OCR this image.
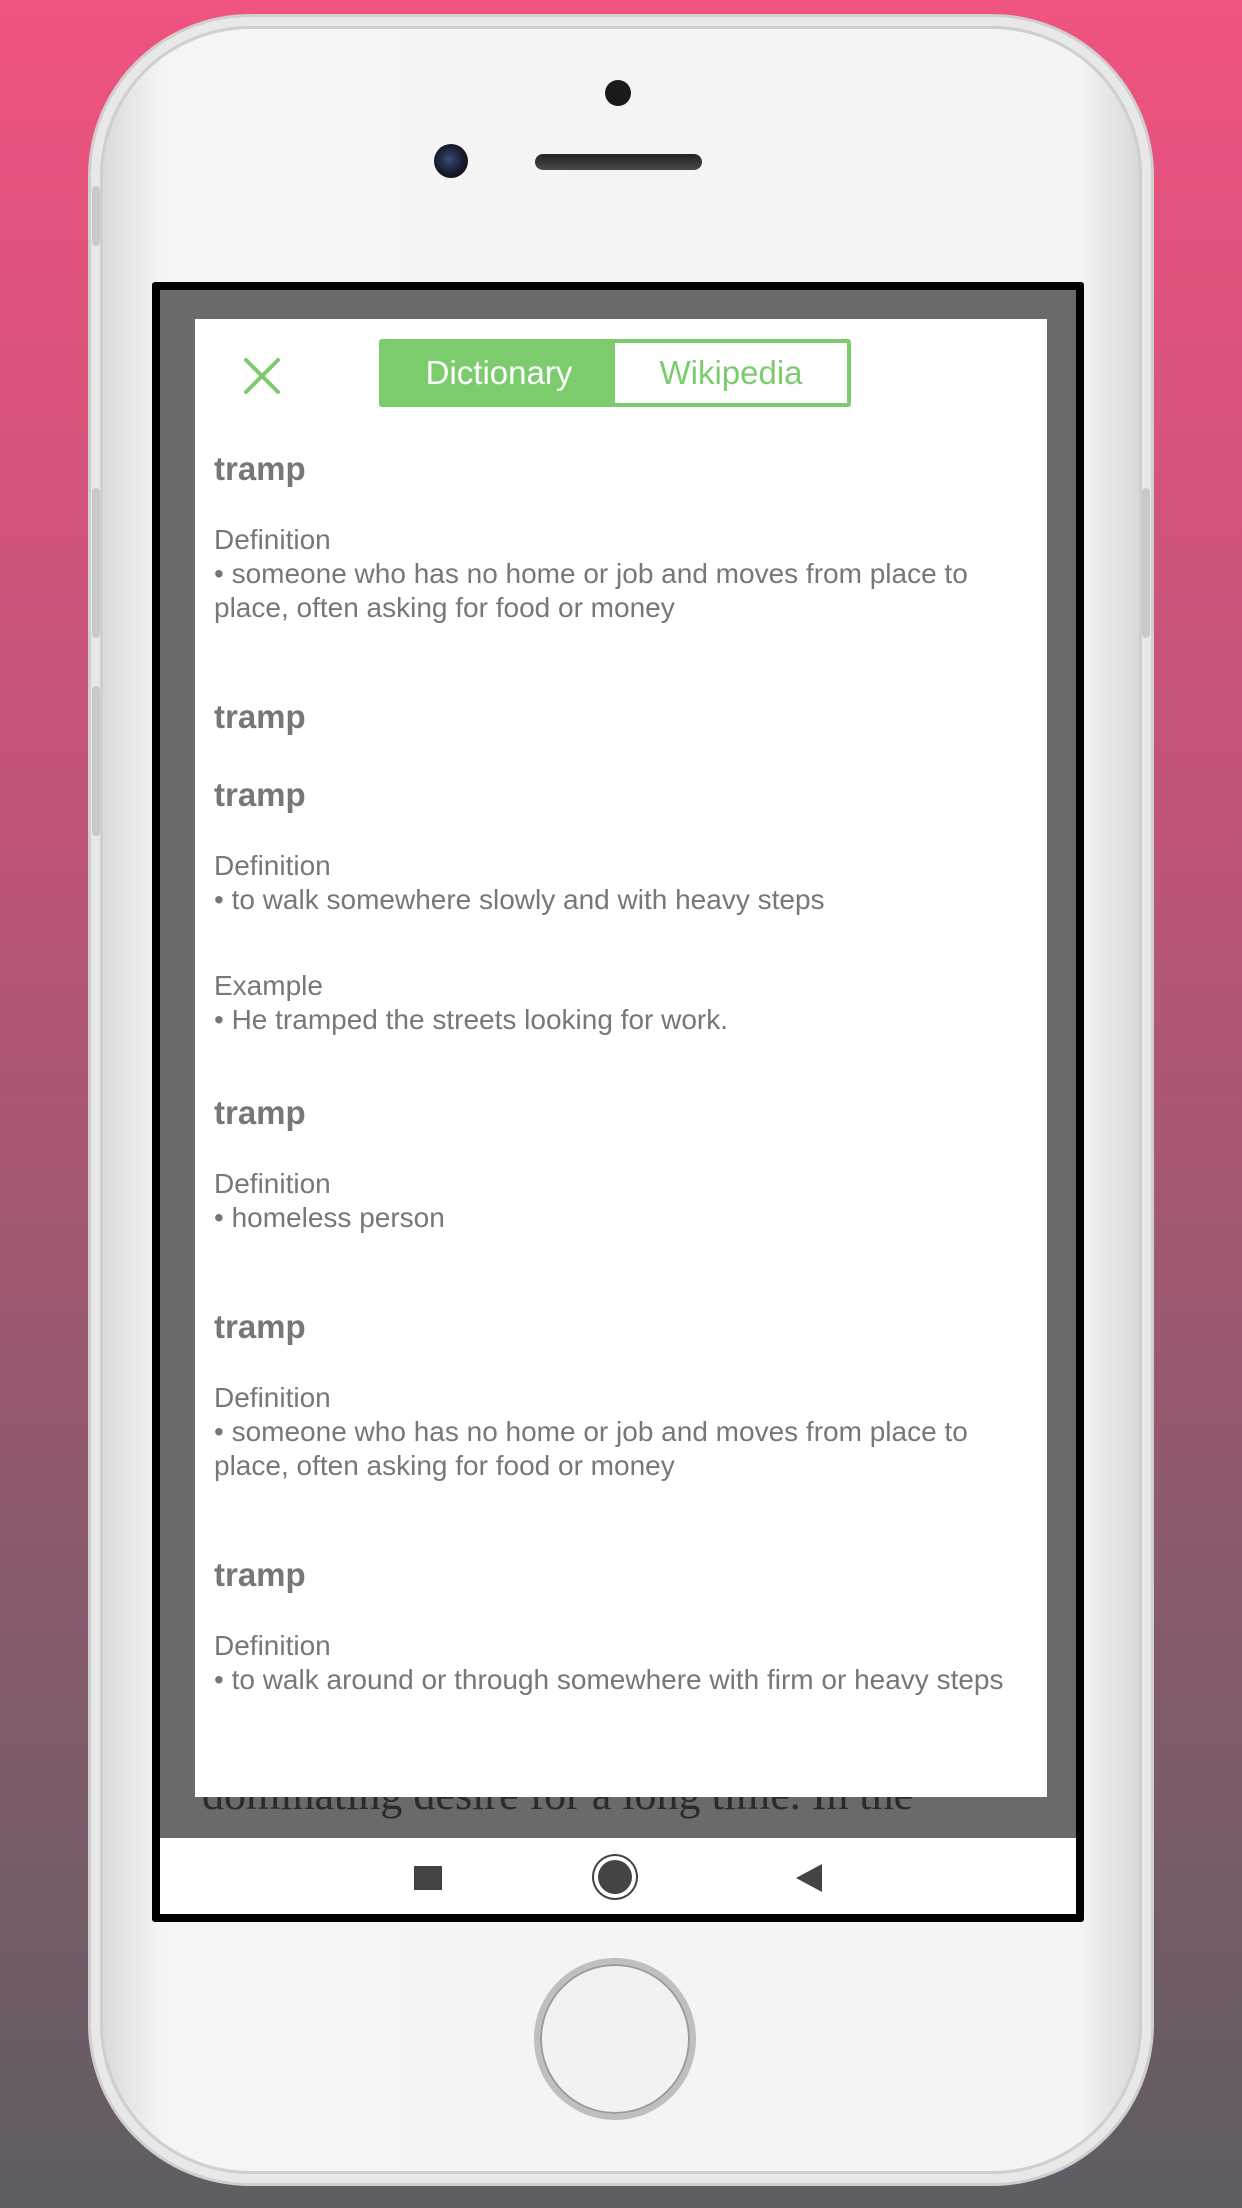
Dictionary	Wikipedia
tramp
Definition
• someone who has no home or job and moves from place to place, often asking for food or money
tramp
tramp
Definition
• to walk somewhere slowly and with heavy steps
Example
• He tramped the streets looking for work.
tramp
Definition
• homeless person
tramp
Definition
• someone who has no home or job and moves from place to place, often asking for food or money
tramp
Definition
• to walk around or through somewhere with firm or heavy steps
